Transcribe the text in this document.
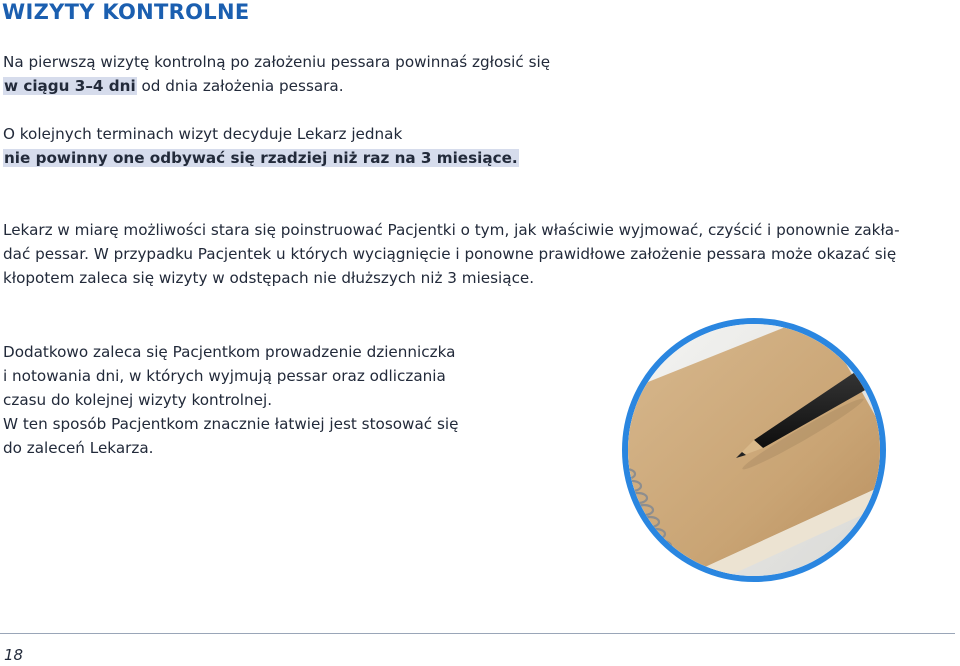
WIZYTY KONTROLNE

Na pierwszą wizytę kontrolną po założeniu pessara powinnaś zgłosić się
w ciągu 3–4 dni od dnia założenia pessara.

O kolejnych terminach wizyt decyduje Lekarz jednak
nie powinny one odbywać się rzadziej niż raz na 3 miesiące.

Lekarz w miarę możliwości stara się poinstruować Pacjentki o tym, jak właściwie wyjmować, czyścić i ponownie zakła-
dać pessar. W przypadku Pacjentek u których wyciągnięcie i ponowne prawidłowe założenie pessara może okazać się
kłopotem zaleca się wizyty w odstępach nie dłuższych niż 3 miesiące.

Dodatkowo zaleca się Pacjentkom prowadzenie dzienniczka
i notowania dni, w których wyjmują pessar oraz odliczania
czasu do kolejnej wizyty kontrolnej.
W ten sposób Pacjentkom znacznie łatwiej jest stosować się
do zaleceń Lekarza.

18
